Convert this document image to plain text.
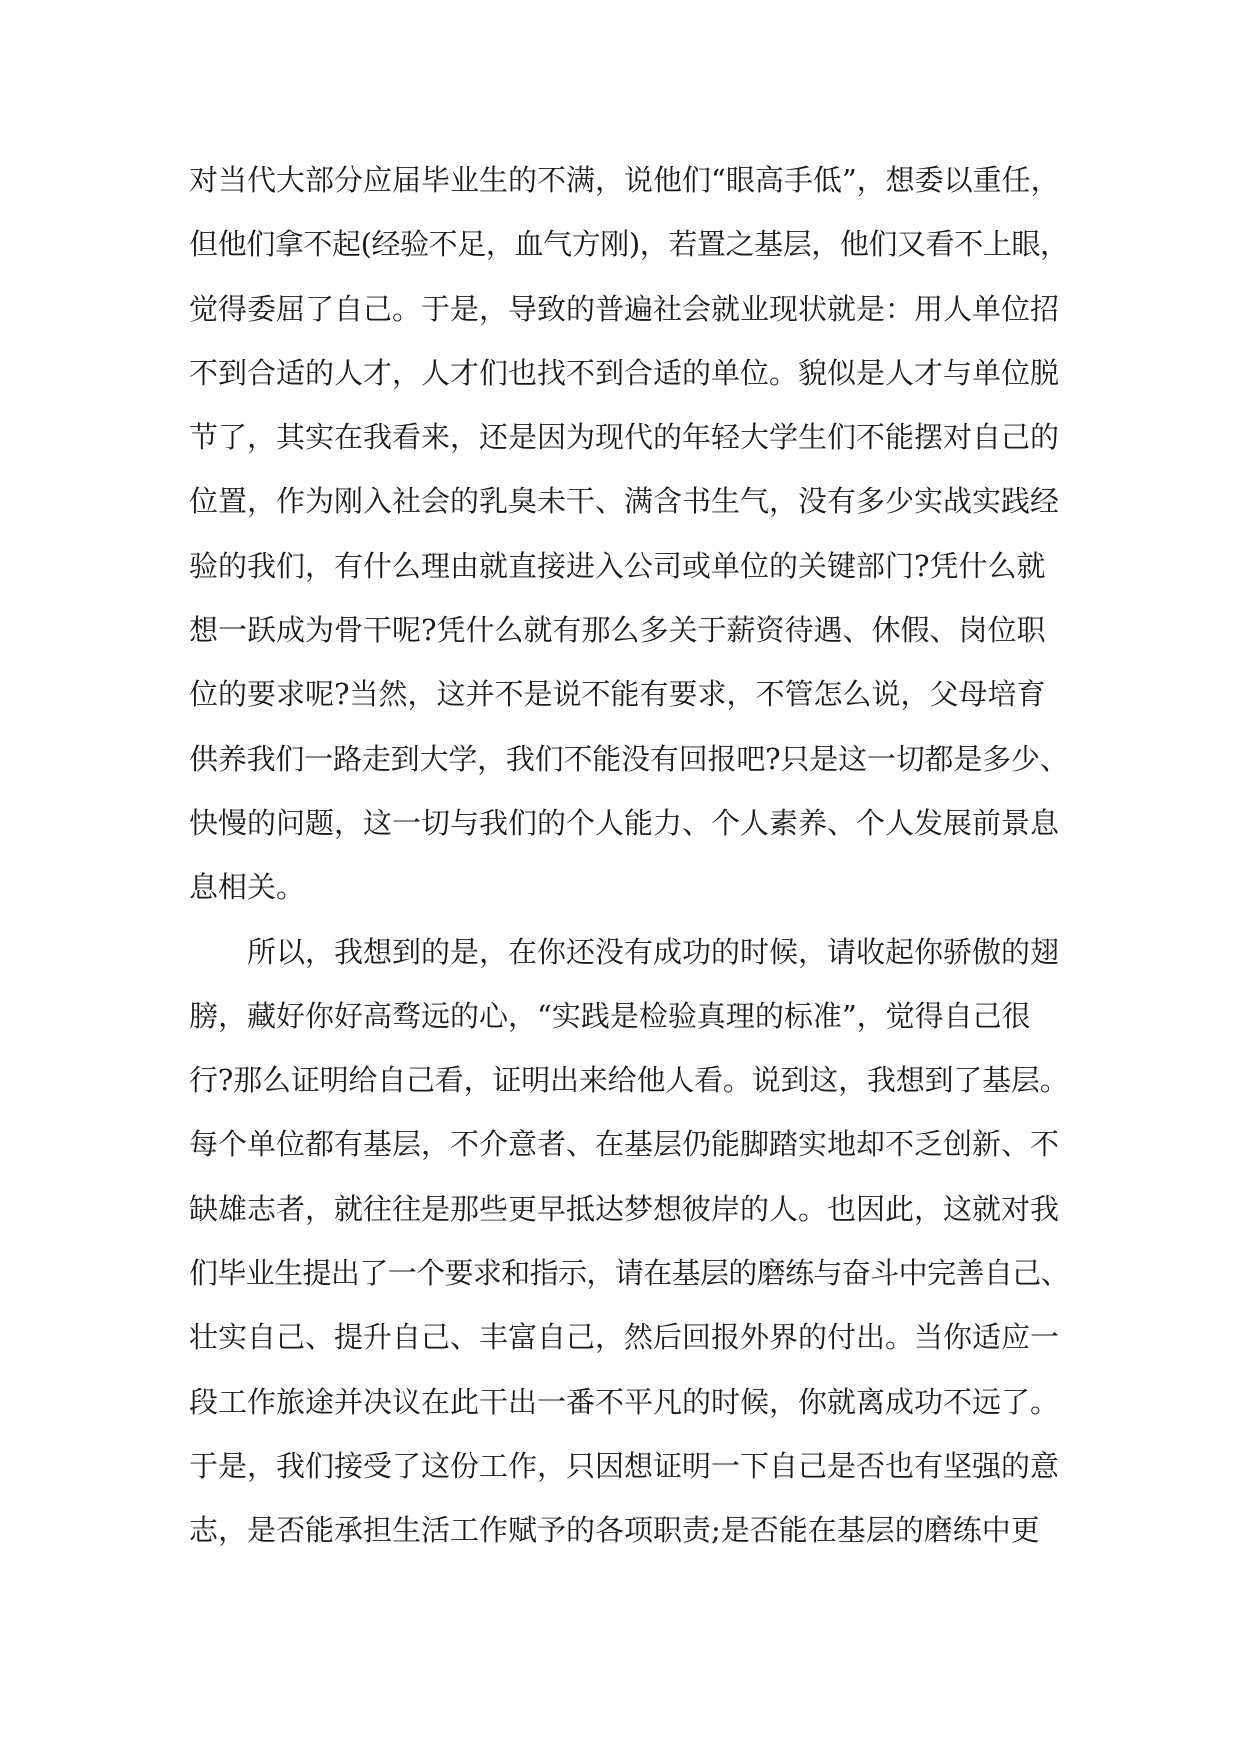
对当代大部分应届毕业生的不满，说他们“眼高手低”，想委以重任，
但他们拿不起(经验不足，血气方刚)，若置之基层，他们又看不上眼，
觉得委屈了自己。于是，导致的普遍社会就业现状就是：用人单位招
不到合适的人才，人才们也找不到合适的单位。貌似是人才与单位脱
节了，其实在我看来，还是因为现代的年轻大学生们不能摆对自己的
位置，作为刚入社会的乳臭未干、满含书生气，没有多少实战实践经
验的我们，有什么理由就直接进入公司或单位的关键部门?凭什么就
想一跃成为骨干呢?凭什么就有那么多关于薪资待遇、休假、岗位职
位的要求呢?当然，这并不是说不能有要求，不管怎么说，父母培育
供养我们一路走到大学，我们不能没有回报吧?只是这一切都是多少、
快慢的问题，这一切与我们的个人能力、个人素养、个人发展前景息
息相关。
所以，我想到的是，在你还没有成功的时候，请收起你骄傲的翅
膀，藏好你好高骛远的心，“实践是检验真理的标准”，觉得自己很
行?那么证明给自己看，证明出来给他人看。说到这，我想到了基层。
每个单位都有基层，不介意者、在基层仍能脚踏实地却不乏创新、不
缺雄志者，就往往是那些更早抵达梦想彼岸的人。也因此，这就对我
们毕业生提出了一个要求和指示，请在基层的磨练与奋斗中完善自己、
壮实自己、提升自己、丰富自己，然后回报外界的付出。当你适应一
段工作旅途并决议在此干出一番不平凡的时候，你就离成功不远了。
于是，我们接受了这份工作，只因想证明一下自己是否也有坚强的意
志，是否能承担生活工作赋予的各项职责;是否能在基层的磨练中更
